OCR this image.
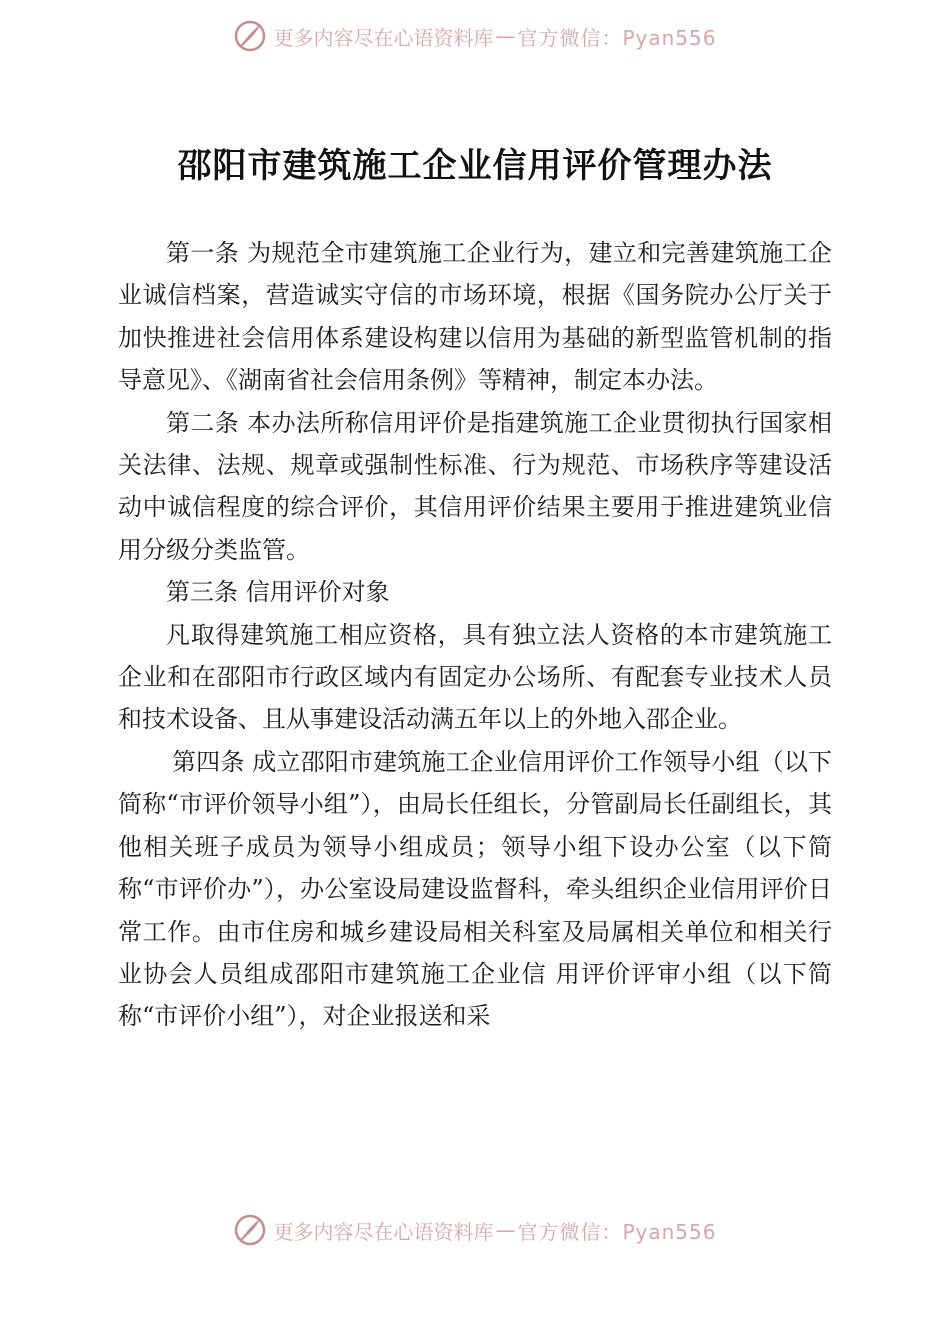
更多内容尽在心语资料库 — 官方微信：Pyan556
邵阳市建筑施工企业信用评价管理办法

第一条 为规范全市建筑施工企业行为，建立和完善建筑施工企业诚信档案，营造诚实守信的市场环境，根据《国务院办公厅关于加快推进社会信用体系建设构建以信用为基础的新型监管机制的指导意见》、《湖南省社会信用条例》等精神，制定本办法。

第二条 本办法所称信用评价是指建筑施工企业贯彻执行国家相关法律、法规、规章或强制性标准、行为规范、市场秩序等建设活动中诚信程度的综合评价，其信用评价结果主要用于推进建筑业信用分级分类监管。

第三条 信用评价对象

凡取得建筑施工相应资格，具有独立法人资格的本市建筑施工企业和在邵阳市行政区域内有固定办公场所、有配套专业技术人员和技术设备、且从事建设活动满五年以上的外地入邵企业。

第四条 成立邵阳市建筑施工企业信用评价工作领导小组（以下简称“市评价领导小组”），由局长任组长，分管副局长任副组长，其他相关班子成员为领导小组成员；领导小组下设办公室（以下简称“市评价办”），办公室设局建设监督科，牵头组织企业信用评价日常工作。由市住房和城乡建设局相关科室及局属相关单位和相关行业协会人员组成邵阳市建筑施工企业信 用评价评审小组（以下简称“市评价小组”），对企业报送和采

更多内容尽在心语资料库 — 官方微信：Pyan556
